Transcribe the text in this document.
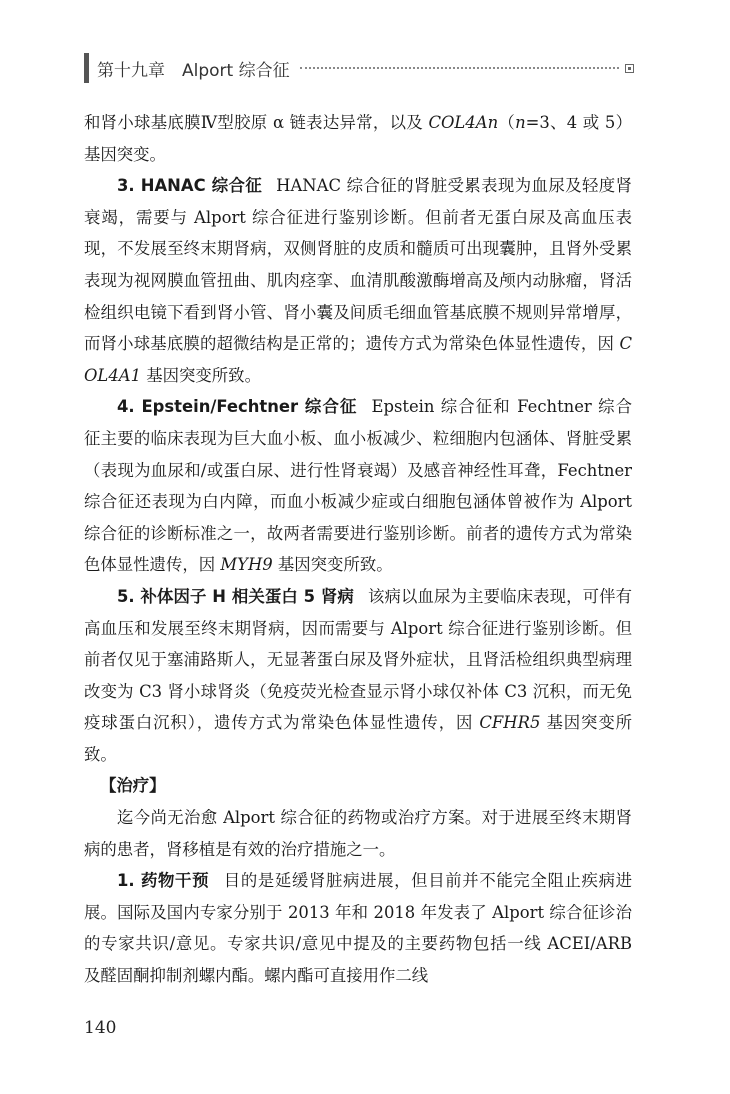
第十九章　Alport 综合征

和肾小球基底膜Ⅳ型胶原 α 链表达异常，以及 COL4An（n=3、4 或 5）基因突变。

3. HANAC 综合征 HANAC 综合征的肾脏受累表现为血尿及轻度肾衰竭，需要与 Alport 综合征进行鉴别诊断。但前者无蛋白尿及高血压表现，不发展至终末期肾病，双侧肾脏的皮质和髓质可出现囊肿，且肾外受累表现为视网膜血管扭曲、肌肉痉挛、血清肌酸激酶增高及颅内动脉瘤，肾活检组织电镜下看到肾小管、肾小囊及间质毛细血管基底膜不规则异常增厚，而肾小球基底膜的超微结构是正常的；遗传方式为常染色体显性遗传，因 COL4A1 基因突变所致。

4. Epstein/Fechtner 综合征 Epstein 综合征和 Fechtner 综合征主要的临床表现为巨大血小板、血小板减少、粒细胞内包涵体、肾脏受累（表现为血尿和/或蛋白尿、进行性肾衰竭）及感音神经性耳聋，Fechtner 综合征还表现为白内障，而血小板减少症或白细胞包涵体曾被作为 Alport 综合征的诊断标准之一，故两者需要进行鉴别诊断。前者的遗传方式为常染色体显性遗传，因 MYH9 基因突变所致。

5. 补体因子 H 相关蛋白 5 肾病 该病以血尿为主要临床表现，可伴有高血压和发展至终末期肾病，因而需要与 Alport 综合征进行鉴别诊断。但前者仅见于塞浦路斯人，无显著蛋白尿及肾外症状，且肾活检组织典型病理改变为 C3 肾小球肾炎（免疫荧光检查显示肾小球仅补体 C3 沉积，而无免疫球蛋白沉积），遗传方式为常染色体显性遗传，因 CFHR5 基因突变所致。

【治疗】

迄今尚无治愈 Alport 综合征的药物或治疗方案。对于进展至终末期肾病的患者，肾移植是有效的治疗措施之一。

1. 药物干预 目的是延缓肾脏病进展，但目前并不能完全阻止疾病进展。国际及国内专家分别于 2013 年和 2018 年发表了 Alport 综合征诊治的专家共识/意见。专家共识/意见中提及的主要药物包括一线 ACEI/ARB 及醛固酮抑制剂螺内酯。螺内酯可直接用作二线

140
